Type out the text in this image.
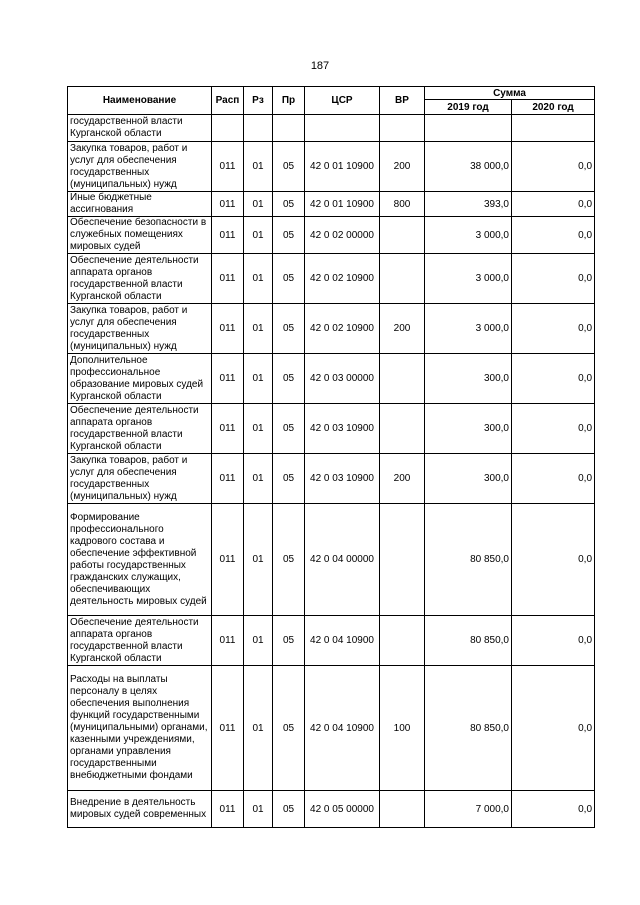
187
Наименование	Расп	Рз	Пр	ЦСР	ВР	Сумма	
						2019 год	2020 год
государственной власти Курганской области							
Закупка товаров, работ и услуг для обеспечения государственных (муниципальных) нужд	011	01	05	42 0 01 10900	200	38 000,0	0,0
Иные бюджетные ассигнования	011	01	05	42 0 01 10900	800	393,0	0,0
Обеспечение безопасности в служебных помещениях мировых судей	011	01	05	42 0 02 00000		3 000,0	0,0
Обеспечение деятельности аппарата органов государственной власти Курганской области	011	01	05	42 0 02 10900		3 000,0	0,0
Закупка товаров, работ и услуг для обеспечения государственных (муниципальных) нужд	011	01	05	42 0 02 10900	200	3 000,0	0,0
Дополнительное профессиональное образование мировых судей Курганской области	011	01	05	42 0 03 00000		300,0	0,0
Обеспечение деятельности аппарата органов государственной власти Курганской области	011	01	05	42 0 03 10900		300,0	0,0
Закупка товаров, работ и услуг для обеспечения государственных (муниципальных) нужд	011	01	05	42 0 03 10900	200	300,0	0,0
Формирование профессионального кадрового состава и обеспечение эффективной работы государственных гражданских служащих, обеспечивающих деятельность мировых судей	011	01	05	42 0 04 00000		80 850,0	0,0
Обеспечение деятельности аппарата органов государственной власти Курганской области	011	01	05	42 0 04 10900		80 850,0	0,0
Расходы на выплаты персоналу в целях обеспечения выполнения функций государственными (муниципальными) органами, казенными учреждениями, органами управления государственными внебюджетными фондами	011	01	05	42 0 04 10900	100	80 850,0	0,0
Внедрение в деятельность мировых судей современных	011	01	05	42 0 05 00000		7 000,0	0,0
